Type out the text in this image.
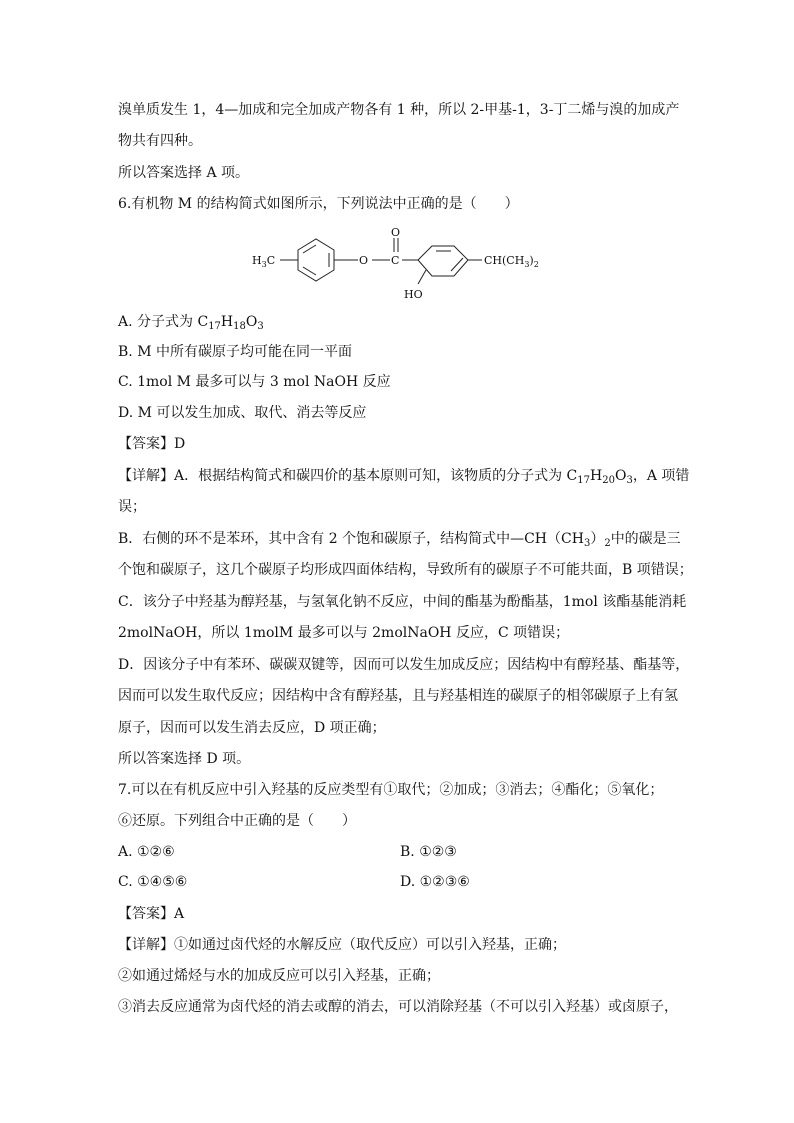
溴单质发生 1，4—加成和完全加成产物各有 1 种，所以 2-甲基-1，3-丁二烯与溴的加成产
物共有四种。
所以答案选择 A 项。
6.有机物 M 的结构简式如图所示，下列说法中正确的是（　　）
$H_3C$	O C
O
HO
$CH(CH_3)_2$
A. 分子式为 $C_{17}H_{18}O_3$
B. M 中所有碳原子均可能在同一平面
C. 1mol M 最多可以与 3 mol NaOH 反应
D. M 可以发生加成、取代、消去等反应
【答案】D
【详解】A．根据结构简式和碳四价的基本原则可知，该物质的分子式为 $C_{17}H_{20}O_3$，A 项错
误；
B．右侧的环不是苯环，其中含有 2 个饱和碳原子，结构简式中$—CH(CH_3)_2$中的碳是三
个饱和碳原子，这几个碳原子均形成四面体结构，导致所有的碳原子不可能共面，B 项错误；
C．该分子中羟基为醇羟基，与氢氧化钠不反应，中间的酯基为酚酯基，1mol 该酯基能消耗
2molNaOH，所以 1molM 最多可以与 2molNaOH 反应，C 项错误；
D．因该分子中有苯环、碳碳双键等，因而可以发生加成反应；因结构中有醇羟基、酯基等，
因而可以发生取代反应；因结构中含有醇羟基，且与羟基相连的碳原子的相邻碳原子上有氢
原子，因而可以发生消去反应，D 项正确；
所以答案选择 D 项。
7.可以在有机反应中引入羟基的反应类型有①取代；②加成；③消去；④酯化；⑤氧化；
⑥还原。下列组合中正确的是（　　）
A. ①②⑥	B. ①②③
C. ①④⑤⑥	D. ①②③⑥
【答案】A
【详解】①如通过卤代烃的水解反应（取代反应）可以引入羟基，正确；
②如通过烯烃与水的加成反应可以引入羟基，正确；
③消去反应通常为卤代烃的消去或醇的消去，可以消除羟基（不可以引入羟基）或卤原子，
